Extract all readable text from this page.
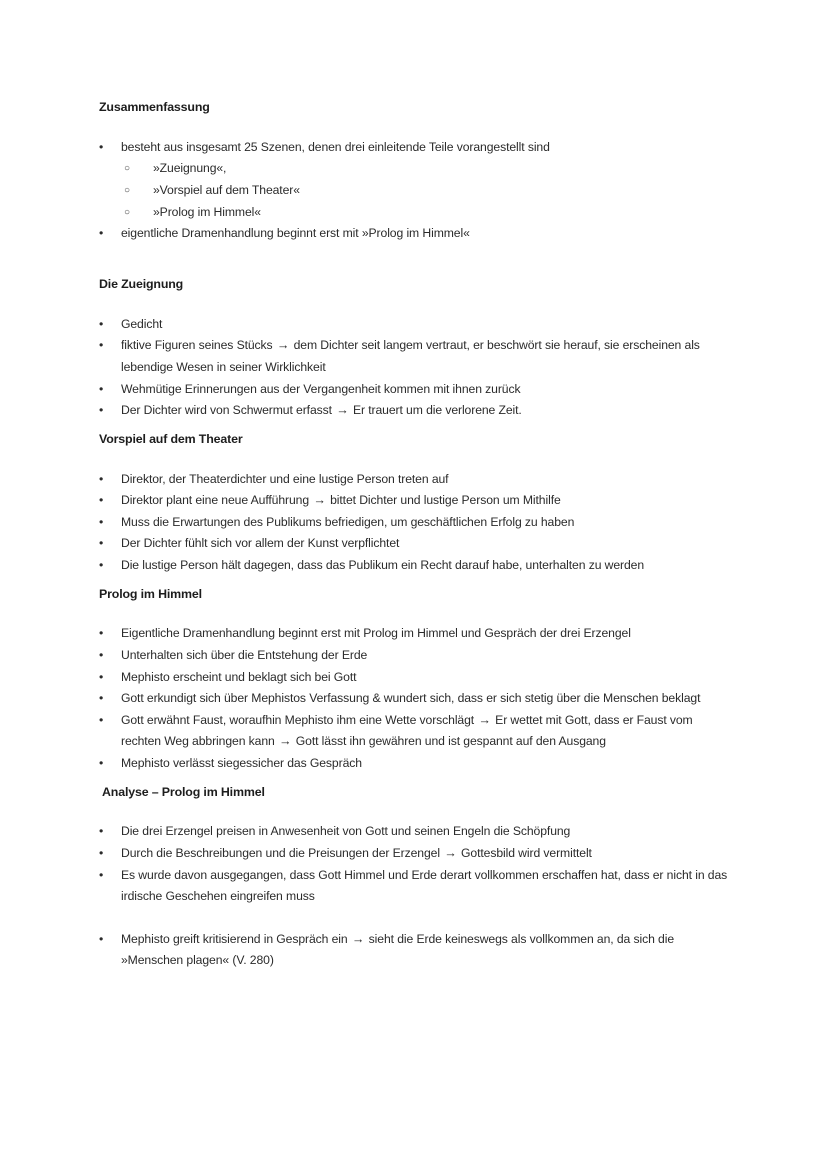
Zusammenfassung
• besteht aus insgesamt 25 Szenen, denen drei einleitende Teile vorangestellt sind
○ »Zueignung«,
○ »Vorspiel auf dem Theater«
○ »Prolog im Himmel«
• eigentliche Dramenhandlung beginnt erst mit »Prolog im Himmel«
Die Zueignung
• Gedicht
• fiktive Figuren seines Stücks → dem Dichter seit langem vertraut, er beschwört sie herauf, sie erscheinen als lebendige Wesen in seiner Wirklichkeit
• Wehmütige Erinnerungen aus der Vergangenheit kommen mit ihnen zurück
• Der Dichter wird von Schwermut erfasst → Er trauert um die verlorene Zeit.
Vorspiel auf dem Theater
• Direktor, der Theaterdichter und eine lustige Person treten auf
• Direktor plant eine neue Aufführung → bittet Dichter und lustige Person um Mithilfe
• Muss die Erwartungen des Publikums befriedigen, um geschäftlichen Erfolg zu haben
• Der Dichter fühlt sich vor allem der Kunst verpflichtet
• Die lustige Person hält dagegen, dass das Publikum ein Recht darauf habe, unterhalten zu werden
Prolog im Himmel
• Eigentliche Dramenhandlung beginnt erst mit Prolog im Himmel und Gespräch der drei Erzengel
• Unterhalten sich über die Entstehung der Erde
• Mephisto erscheint und beklagt sich bei Gott
• Gott erkundigt sich über Mephistos Verfassung & wundert sich, dass er sich stetig über die Menschen beklagt
• Gott erwähnt Faust, woraufhin Mephisto ihm eine Wette vorschlägt → Er wettet mit Gott, dass er Faust vom rechten Weg abbringen kann → Gott lässt ihn gewähren und ist gespannt auf den Ausgang
• Mephisto verlässt siegessicher das Gespräch
Analyse – Prolog im Himmel
• Die drei Erzengel preisen in Anwesenheit von Gott und seinen Engeln die Schöpfung
• Durch die Beschreibungen und die Preisungen der Erzengel → Gottesbild wird vermittelt
• Es wurde davon ausgegangen, dass Gott Himmel und Erde derart vollkommen erschaffen hat, dass er nicht in das irdische Geschehen eingreifen muss
• Mephisto greift kritisierend in Gespräch ein → sieht die Erde keineswegs als vollkommen an, da sich die »Menschen plagen« (V. 280)
